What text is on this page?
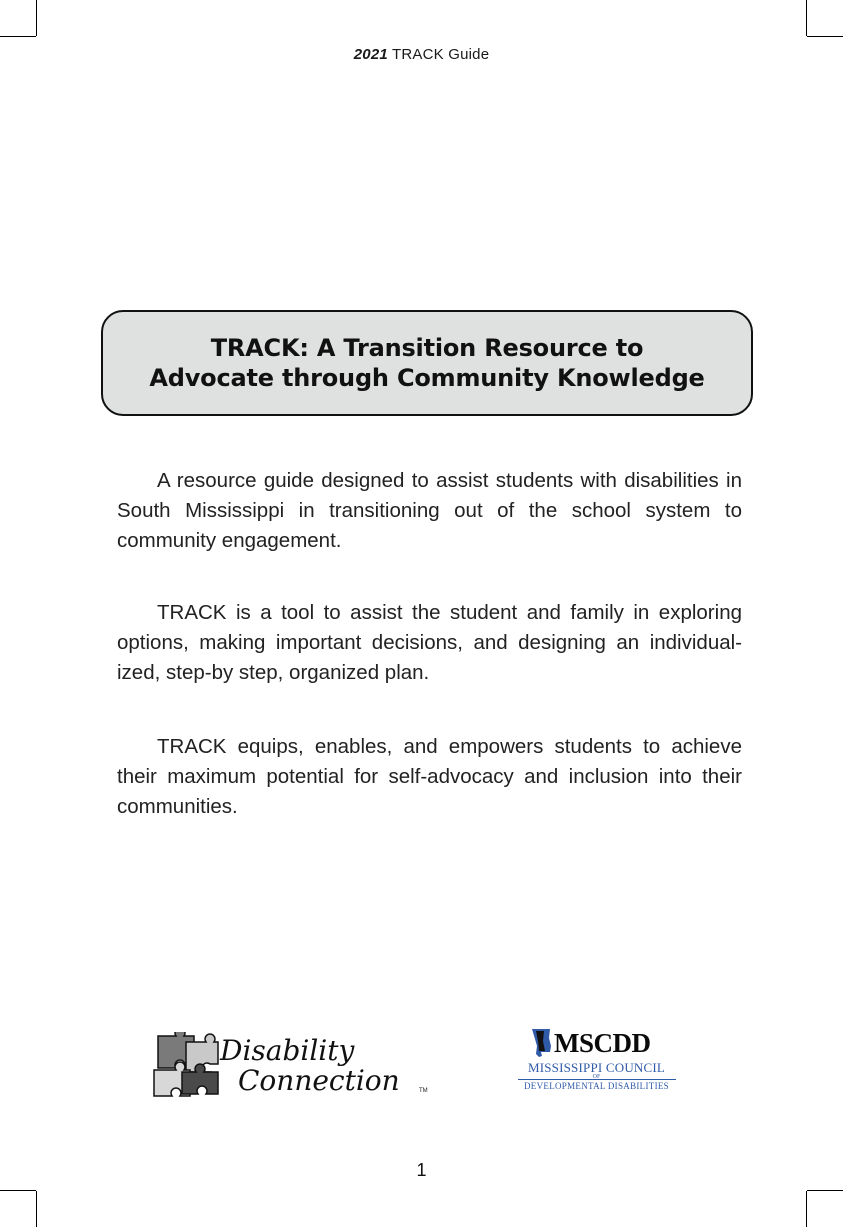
2021 TRACK Guide
TRACK: A Transition Resource to
Advocate through Community Knowledge
A resource guide designed to assist students with disabilities in South Mississippi in transitioning out of the school system to community engagement.
TRACK is a tool to assist the student and family in exploring options, making important decisions, and designing an individual-ized, step-by step, organized plan.
TRACK equips, enables, and empowers students to achieve their maximum potential for self-advocacy and inclusion into their communities.
Disability
Connection	TM
MSCDD
MISSISSIPPI COUNCIL
OF
DEVELOPMENTAL DISABILITIES
1
